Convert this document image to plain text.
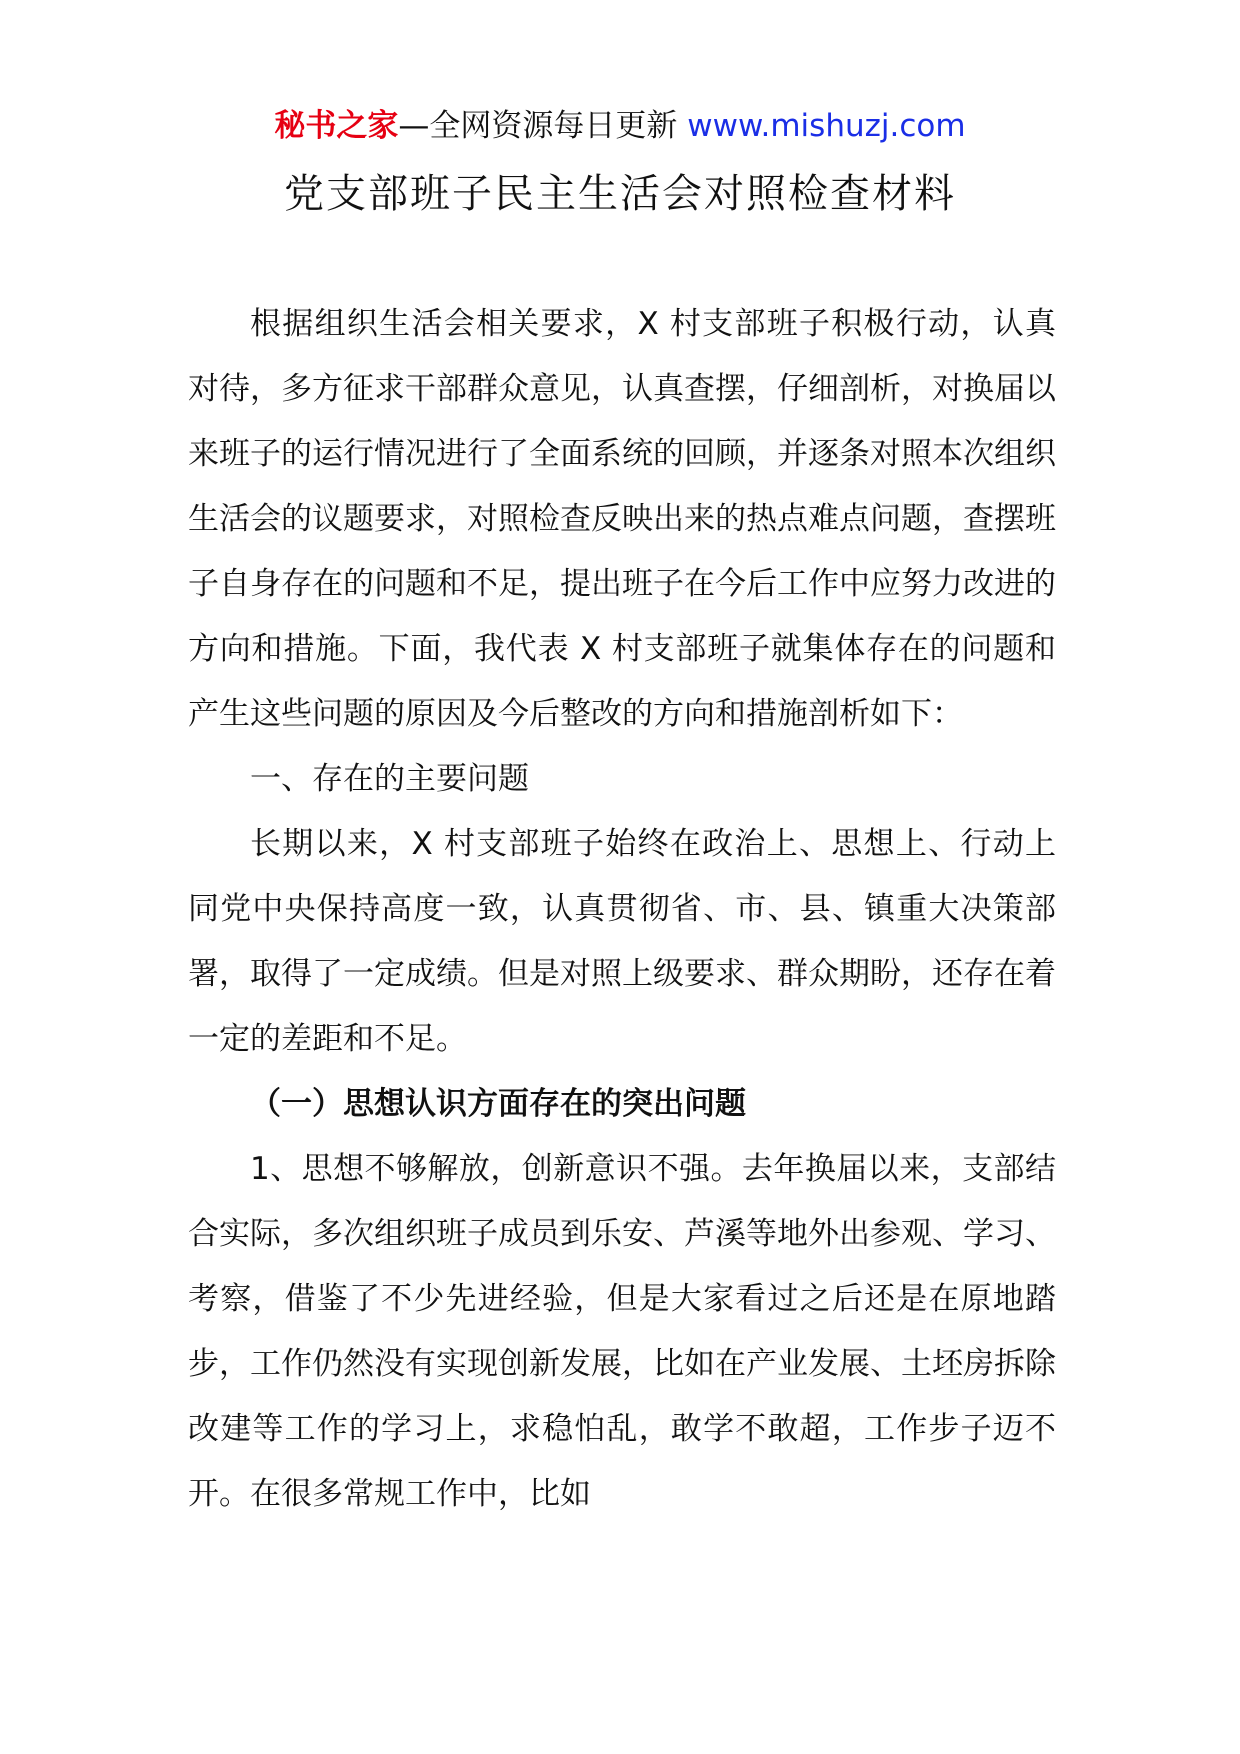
秘书之家—全网资源每日更新 www.mishuzj.com
党支部班子民主生活会对照检查材料

根据组织生活会相关要求，X 村支部班子积极行动，认真对待，多方征求干部群众意见，认真查摆，仔细剖析，对换届以来班子的运行情况进行了全面系统的回顾，并逐条对照本次组织生活会的议题要求，对照检查反映出来的热点难点问题，查摆班子自身存在的问题和不足，提出班子在今后工作中应努力改进的方向和措施。下面，我代表 X 村支部班子就集体存在的问题和产生这些问题的原因及今后整改的方向和措施剖析如下：

一、存在的主要问题

长期以来，X 村支部班子始终在政治上、思想上、行动上同党中央保持高度一致，认真贯彻省、市、县、镇重大决策部署，取得了一定成绩。但是对照上级要求、群众期盼，还存在着一定的差距和不足。

（一）思想认识方面存在的突出问题

1、思想不够解放，创新意识不强。去年换届以来，支部结合实际，多次组织班子成员到乐安、芦溪等地外出参观、学习、考察，借鉴了不少先进经验，但是大家看过之后还是在原地踏步，工作仍然没有实现创新发展，比如在产业发展、土坯房拆除改建等工作的学习上，求稳怕乱，敢学不敢超，工作步子迈不开。在很多常规工作中，比如
